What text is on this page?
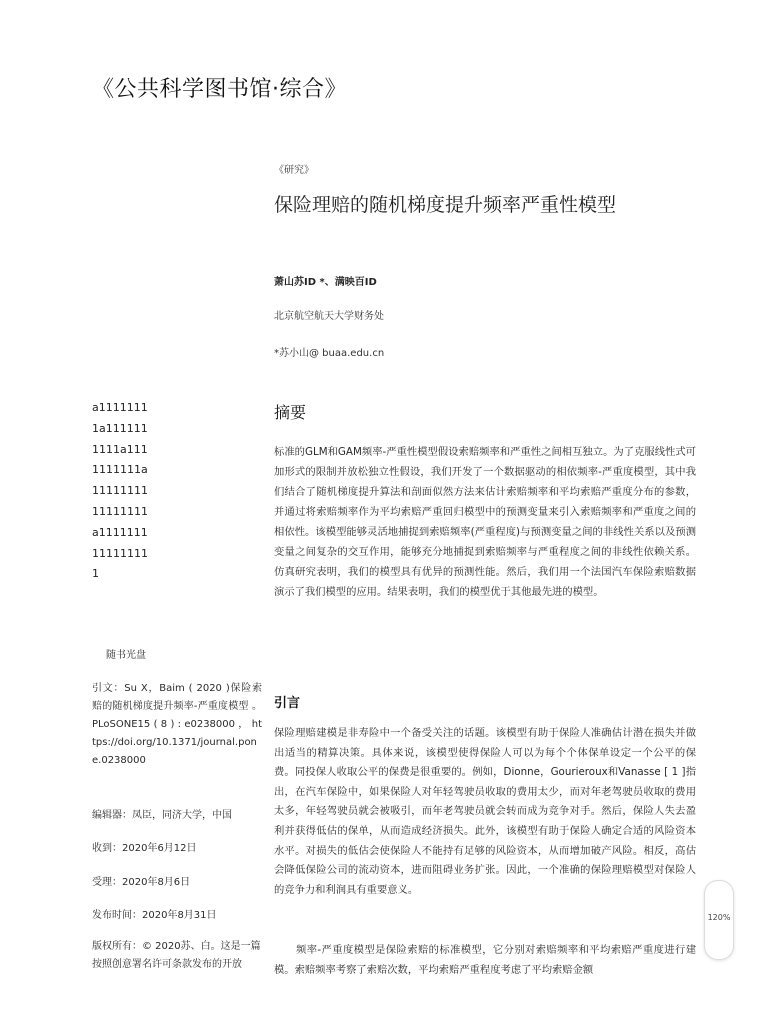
《公共科学图书馆·综合》
《研究》
保险理赔的随机梯度提升频率严重性模型
萧山苏ID *、满映百ID
北京航空航天大学财务处
*苏小山@ buaa.edu.cn
a1111111
1a111111
1111a111
1111111a
11111111
11111111
a1111111
11111111
1
摘要

标准的GLM和GAM频率-严重性模型假设索赔频率和严重性之间相互独立。为了克服线性式可加形式的限制并放松独立性假设，我们开发了一个数据驱动的相依频率-严重度模型，其中我们结合了随机梯度提升算法和剖面似然方法来估计索赔频率和平均索赔严重度分布的参数，并通过将索赔频率作为平均索赔严重回归模型中的预测变量来引入索赔频率和严重度之间的相依性。该模型能够灵活地捕捉到索赔频率(严重程度)与预测变量之间的非线性关系以及预测变量之间复杂的交互作用，能够充分地捕捉到索赔频率与严重程度之间的非线性依赖关系。仿真研究表明，我们的模型具有优异的预测性能。然后，我们用一个法国汽车保险索赔数据演示了我们模型的应用。结果表明，我们的模型优于其他最先进的模型。

随书光盘
引文：Su X，Baim ( 2020 )保险索赔的随机梯度提升频率-严重度模型 。 PLoSONE15 ( 8 ) : e0238000 ， https://doi.org/10.1371/journal.pone.0238000
编辑器：凤臣，同济大学，中国
收到：2020年6月12日
受理：2020年8月6日
发布时间：2020年8月31日
版权所有：© 2020苏、白。这是一篇按照创意署名许可条款发布的开放
引言

保险理赔建模是非寿险中一个备受关注的话题。该模型有助于保险人准确估计潜在损失并做出适当的精算决策。具体来说，该模型使得保险人可以为每个个体保单设定一个公平的保费。同投保人收取公平的保费是很重要的。例如，Dionne，Gourieroux和Vanasse [ 1 ]指出，在汽车保险中，如果保险人对年轻驾驶员收取的费用太少，而对年老驾驶员收取的费用太多，年轻驾驶员就会被吸引，而年老驾驶员就会转而成为竞争对手。然后，保险人失去盈利并获得低估的保单，从而造成经济损失。此外，该模型有助于保险人确定合适的风险资本水平。对损失的低估会使保险人不能持有足够的风险资本，从而增加破产风险。相反，高估会降低保险公司的流动资本，进而阻碍业务扩张。因此，一个准确的保险理赔模型对保险人的竞争力和利润具有重要意义。

频率-严重度模型是保险索赔的标准模型，它分别对索赔频率和平均索赔严重度进行建模。索赔频率考察了索赔次数，平均索赔严重程度考虑了平均索赔金额

120%
